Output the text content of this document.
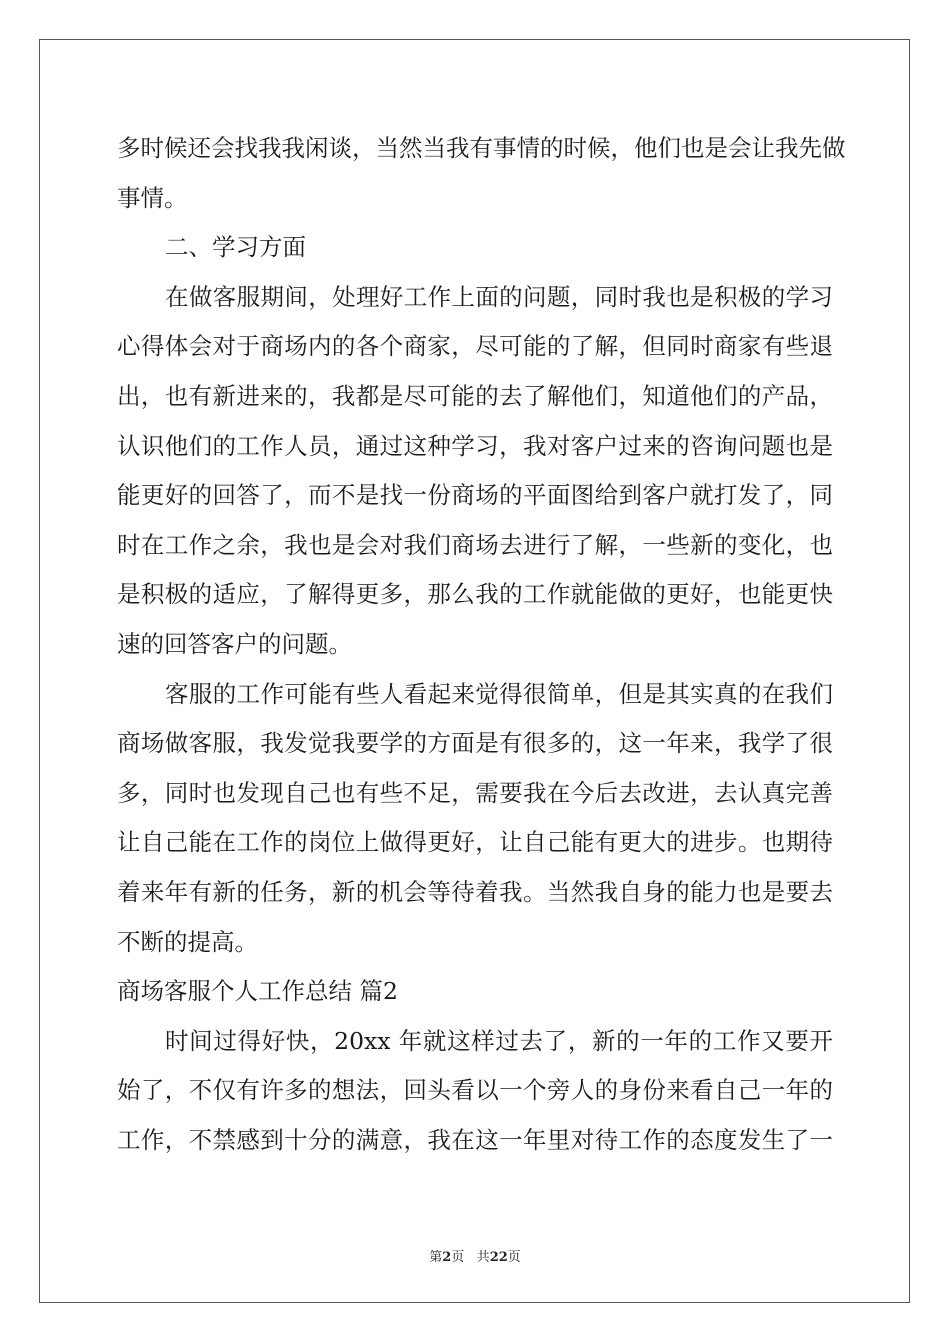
多时候还会找我我闲谈，当然当我有事情的时候，他们也是会让我先做
事情。
二、学习方面
在做客服期间，处理好工作上面的问题，同时我也是积极的学习
心得体会对于商场内的各个商家，尽可能的了解，但同时商家有些退
出，也有新进来的，我都是尽可能的去了解他们，知道他们的产品，
认识他们的工作人员，通过这种学习，我对客户过来的咨询问题也是
能更好的回答了，而不是找一份商场的平面图给到客户就打发了，同
时在工作之余，我也是会对我们商场去进行了解，一些新的变化，也
是积极的适应，了解得更多，那么我的工作就能做的更好，也能更快
速的回答客户的问题。
客服的工作可能有些人看起来觉得很简单，但是其实真的在我们
商场做客服，我发觉我要学的方面是有很多的，这一年来，我学了很
多，同时也发现自己也有些不足，需要我在今后去改进，去认真完善
让自己能在工作的岗位上做得更好，让自己能有更大的进步。也期待
着来年有新的任务，新的机会等待着我。当然我自身的能力也是要去
不断的提高。
商场客服个人工作总结 篇2
时间过得好快，20xx 年就这样过去了，新的一年的工作又要开
始了，不仅有许多的想法，回头看以一个旁人的身份来看自己一年的
工作，不禁感到十分的满意，我在这一年里对待工作的态度发生了一
第2页 共22页
